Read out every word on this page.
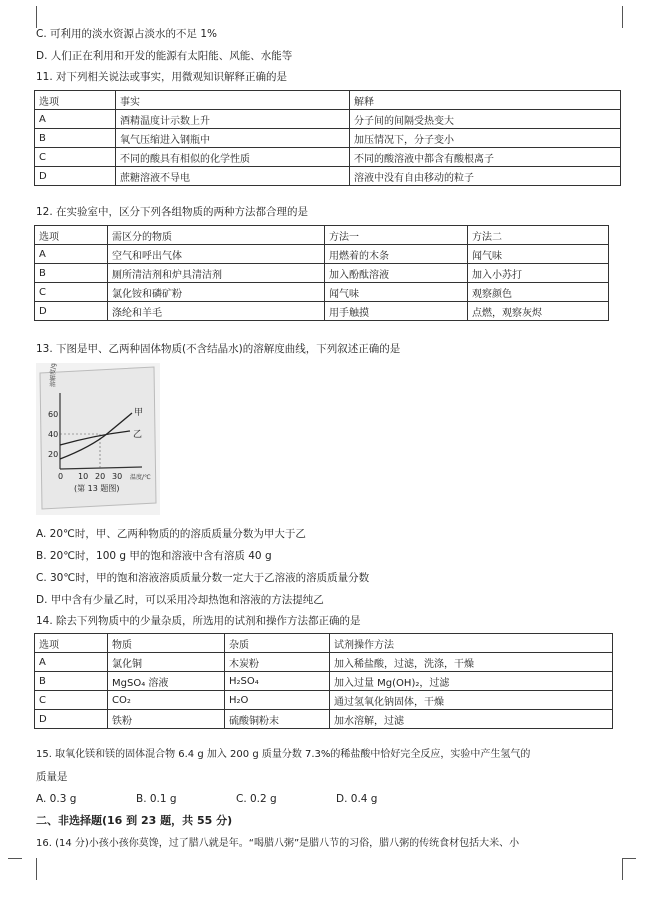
C. 可利用的淡水资源占淡水的不足 1%
D. 人们正在利用和开发的能源有太阳能、风能、水能等
11. 对下列相关说法或事实，用微观知识解释正确的是
选项	事实	解释
A	酒精温度计示数上升	分子间的间隔受热变大
B	氧气压缩进入钢瓶中	加压情况下，分子变小
C	不同的酸具有相似的化学性质	不同的酸溶液中都含有酸根离子
D	蔗糖溶液不导电	溶液中没有自由移动的粒子
12. 在实验室中，区分下列各组物质的两种方法都合理的是
选项	需区分的物质	方法一	方法二
A	空气和呼出气体	用燃着的木条	闻气味
B	厕所清洁剂和炉具清洁剂	加入酚酞溶液	加入小苏打
C	氯化铵和磷矿粉	闻气味	观察颜色
D	涤纶和羊毛	用手触摸	点燃，观察灰烬
13. 下图是甲、乙两种固体物质(不含结晶水)的溶解度曲线，下列叙述正确的是
溶解度/g
温度/℃
60
40
20
0 10 20 30
甲
乙
(第 13 题图)
A. 20℃时，甲、乙两种物质的的溶质质量分数为甲大于乙
B. 20℃时，100 g 甲的饱和溶液中含有溶质 40 g
C. 30℃时，甲的饱和溶液溶质质量分数一定大于乙溶液的溶质质量分数
D. 甲中含有少量乙时，可以采用冷却热饱和溶液的方法提纯乙
14. 除去下列物质中的少量杂质，所选用的试剂和操作方法都正确的是
选项	物质	杂质	试剂操作方法
A	氯化铜	木炭粉	加入稀盐酸，过滤，洗涤，干燥
B	MgSO₄ 溶液	H₂SO₄	加入过量 Mg(OH)₂，过滤
C	CO₂	H₂O	通过氢氧化钠固体，干燥
D	铁粉	硫酸铜粉末	加水溶解，过滤
15. 取氧化镁和镁的固体混合物 6.4 g 加入 200 g 质量分数 7.3%的稀盐酸中恰好完全反应，实验中产生氢气的
质量是
A. 0.3 g	B. 0.1 g	C. 0.2 g	D. 0.4 g
二、非选择题(16 到 23 题，共 55 分)
16. (14 分)小孩小孩你莫馋，过了腊八就是年。“喝腊八粥”是腊八节的习俗，腊八粥的传统食材包括大米、小
